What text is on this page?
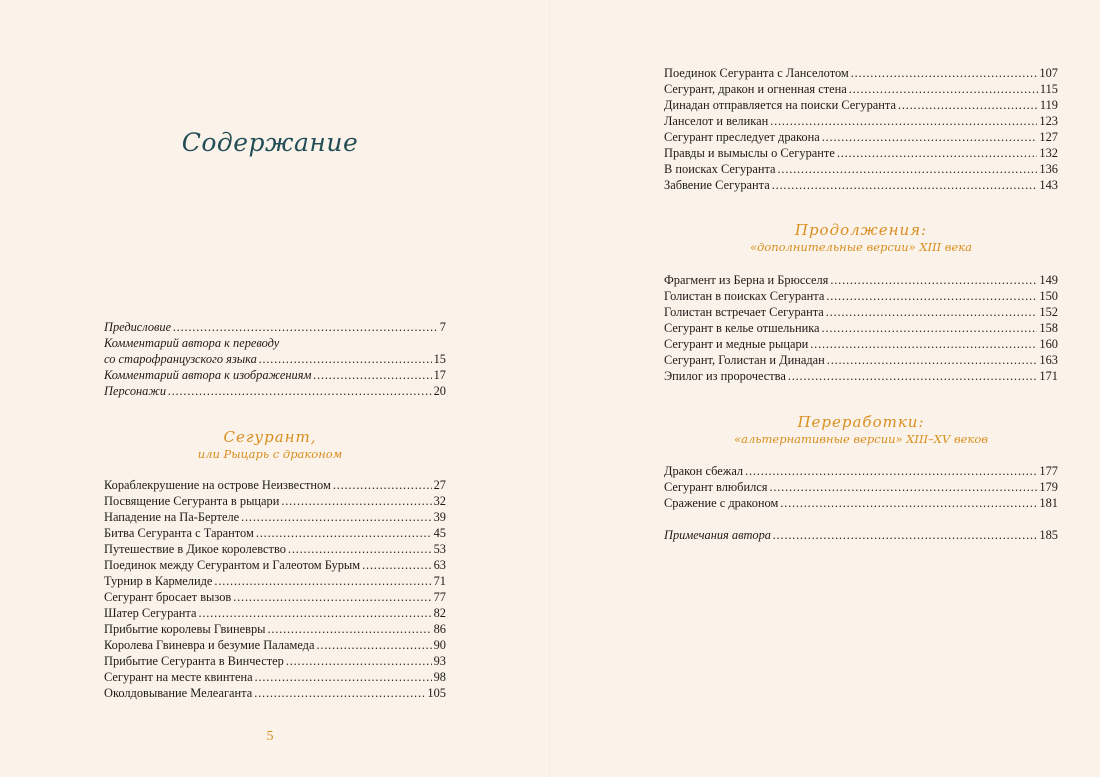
Содержание
Предисловие .....	7
Комментарий автора к переводу
со старофранцузского языка .....	15
Комментарий автора к изображениям .....	17
Персонажи .....	20
Сегурант,
или Рыцарь с драконом
Кораблекрушение на острове Неизвестном .....	27
Посвящение Сегуранта в рыцари .....	32
Нападение на Па-Бертеле .....	39
Битва Сегуранта с Тарантом .....	45
Путешествие в Дикое королевство .....	53
Поединок между Сегурантом и Галеотом Бурым .....	63
Турнир в Кармелиде .....	71
Сегурант бросает вызов .....	77
Шатер Сегуранта .....	82
Прибытие королевы Гвиневры .....	86
Королева Гвиневра и безумие Паламеда .....	90
Прибытие Сегуранта в Винчестер .....	93
Сегурант на месте квинтена .....	98
Околдовывание Мелеаганта .....	105
5
Поединок Сегуранта с Ланселотом .....	107
Сегурант, дракон и огненная стена .....	115
Динадан отправляется на поиски Сегуранта .....	119
Ланселот и великан .....	123
Сегурант преследует дракона .....	127
Правды и вымыслы о Сегуранте .....	132
В поисках Сегуранта .....	136
Забвение Сегуранта .....	143
Продолжения:
«дополнительные версии» XIII века
Фрагмент из Берна и Брюсселя .....	149
Голистан в поисках Сегуранта .....	150
Голистан встречает Сегуранта .....	152
Сегурант в келье отшельника .....	158
Сегурант и медные рыцари .....	160
Сегурант, Голистан и Динадан .....	163
Эпилог из пророчества .....	171
Переработки:
«альтернативные версии» XIII–XV веков
Дракон сбежал .....	177
Сегурант влюбился .....	179
Сражение с драконом .....	181
Примечания автора .....	185
